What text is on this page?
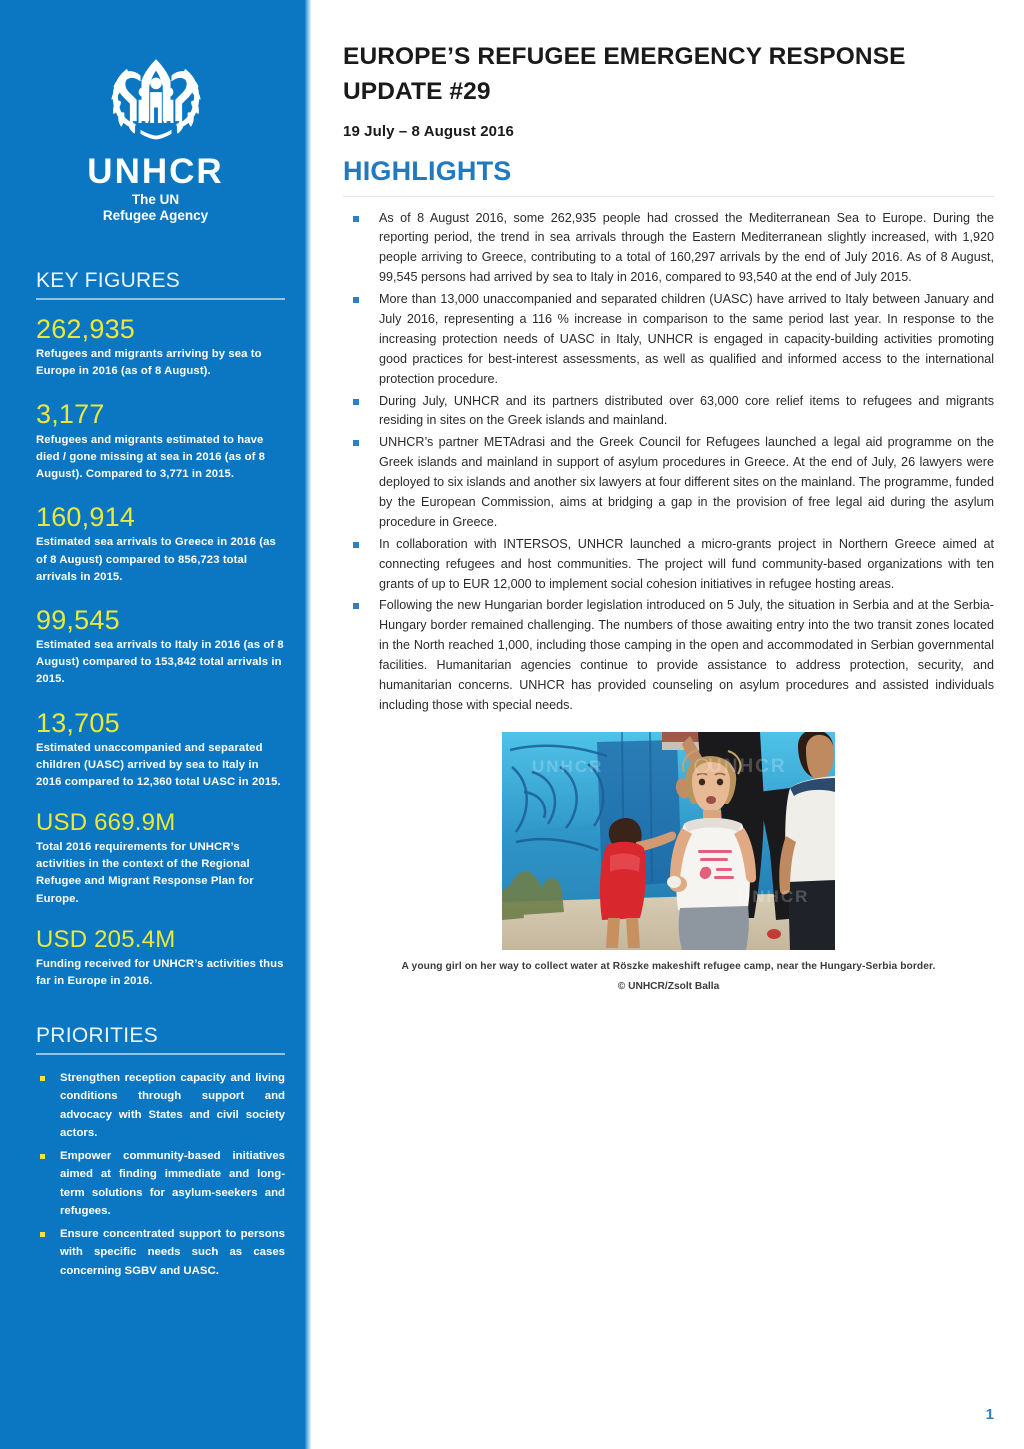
UNHCR
The UN
Refugee Agency
KEY FIGURES
262,935
Refugees and migrants arriving by sea to Europe in 2016 (as of 8 August).
3,177
Refugees and migrants estimated to have died / gone missing at sea in 2016 (as of 8 August). Compared to 3,771 in 2015.
160,914
Estimated sea arrivals to Greece in 2016 (as of 8 August) compared to 856,723 total arrivals in 2015.
99,545
Estimated sea arrivals to Italy in 2016 (as of 8 August) compared to 153,842 total arrivals in 2015.
13,705
Estimated unaccompanied and separated children (UASC) arrived by sea to Italy in 2016 compared to 12,360 total UASC in 2015.
USD 669.9M
Total 2016 requirements for UNHCR’s activities in the context of the Regional Refugee and Migrant Response Plan for Europe.
USD 205.4M
Funding received for UNHCR’s activities thus far in Europe in 2016.
PRIORITIES
Strengthen reception capacity and living conditions through support and advocacy with States and civil society actors.
Empower community-based initiatives aimed at finding immediate and long-term solutions for asylum-seekers and refugees.
Ensure concentrated support to persons with specific needs such as cases concerning SGBV and UASC.
EUROPE’S REFUGEE EMERGENCY RESPONSE UPDATE #29
19 July – 8 August 2016
HIGHLIGHTS
As of 8 August 2016, some 262,935 people had crossed the Mediterranean Sea to Europe. During the reporting period, the trend in sea arrivals through the Eastern Mediterranean slightly increased, with 1,920 people arriving to Greece, contributing to a total of 160,297 arrivals by the end of July 2016. As of 8 August, 99,545 persons had arrived by sea to Italy in 2016, compared to 93,540 at the end of July 2015.
More than 13,000 unaccompanied and separated children (UASC) have arrived to Italy between January and July 2016, representing a 116 % increase in comparison to the same period last year. In response to the increasing protection needs of UASC in Italy, UNHCR is engaged in capacity-building activities promoting good practices for best-interest assessments, as well as qualified and informed access to the international protection procedure.
During July, UNHCR and its partners distributed over 63,000 core relief items to refugees and migrants residing in sites on the Greek islands and mainland.
UNHCR’s partner METAdrasi and the Greek Council for Refugees launched a legal aid programme on the Greek islands and mainland in support of asylum procedures in Greece. At the end of July, 26 lawyers were deployed to six islands and another six lawyers at four different sites on the mainland. The programme, funded by the European Commission, aims at bridging a gap in the provision of free legal aid during the asylum procedure in Greece.
In collaboration with INTERSOS, UNHCR launched a micro-grants project in Northern Greece aimed at connecting refugees and host communities. The project will fund community-based organizations with ten grants of up to EUR 12,000 to implement social cohesion initiatives in refugee hosting areas.
Following the new Hungarian border legislation introduced on 5 July, the situation in Serbia and at the Serbia-Hungary border remained challenging. The numbers of those awaiting entry into the two transit zones located in the North reached 1,000, including those camping in the open and accommodated in Serbian governmental facilities. Humanitarian agencies continue to provide assistance to address protection, security, and humanitarian concerns. UNHCR has provided counseling on asylum procedures and assisted individuals including those with special needs.
UNHCR
UNHCR
UNHCR
A young girl on her way to collect water at Röszke makeshift refugee camp, near the Hungary-Serbia border.
© UNHCR/Zsolt Balla
1
